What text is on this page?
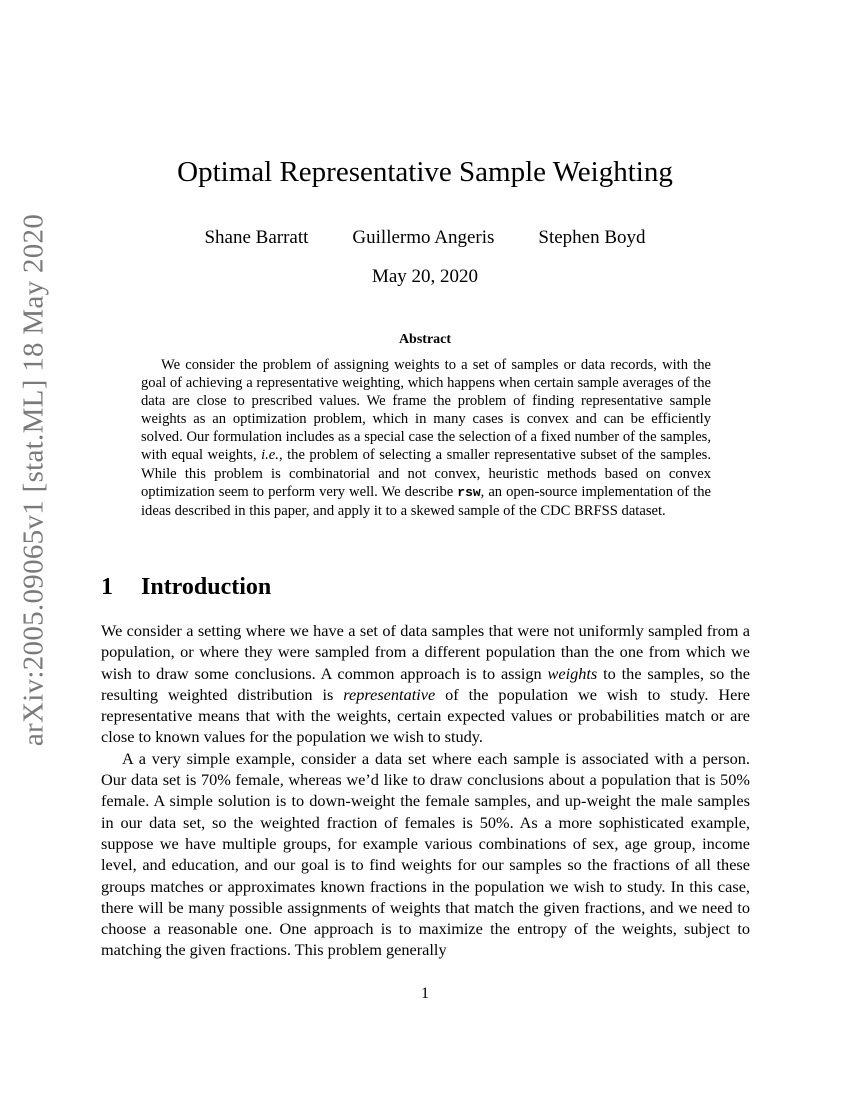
arXiv:2005.09065v1 [stat.ML] 18 May 2020
Optimal Representative Sample Weighting
Shane Barratt Guillermo Angeris Stephen Boyd
May 20, 2020
Abstract

We consider the problem of assigning weights to a set of samples or data records, with the goal of achieving a representative weighting, which happens when certain sample averages of the data are close to prescribed values. We frame the problem of finding representative sample weights as an optimization problem, which in many cases is convex and can be efficiently solved. Our formulation includes as a special case the selection of a fixed number of the samples, with equal weights, i.e., the problem of selecting a smaller representative subset of the samples. While this problem is combinatorial and not convex, heuristic methods based on convex optimization seem to perform very well. We describe rsw, an open-source implementation of the ideas described in this paper, and apply it to a skewed sample of the CDC BRFSS dataset.

1 Introduction

We consider a setting where we have a set of data samples that were not uniformly sampled from a population, or where they were sampled from a different population than the one from which we wish to draw some conclusions. A common approach is to assign weights to the samples, so the resulting weighted distribution is representative of the population we wish to study. Here representative means that with the weights, certain expected values or probabilities match or are close to known values for the population we wish to study.

A a very simple example, consider a data set where each sample is associated with a person. Our data set is 70% female, whereas we’d like to draw conclusions about a population that is 50% female. A simple solution is to down-weight the female samples, and up-weight the male samples in our data set, so the weighted fraction of females is 50%. As a more sophisticated example, suppose we have multiple groups, for example various combinations of sex, age group, income level, and education, and our goal is to find weights for our samples so the fractions of all these groups matches or approximates known fractions in the population we wish to study. In this case, there will be many possible assignments of weights that match the given fractions, and we need to choose a reasonable one. One approach is to maximize the entropy of the weights, subject to matching the given fractions. This problem generally

1
